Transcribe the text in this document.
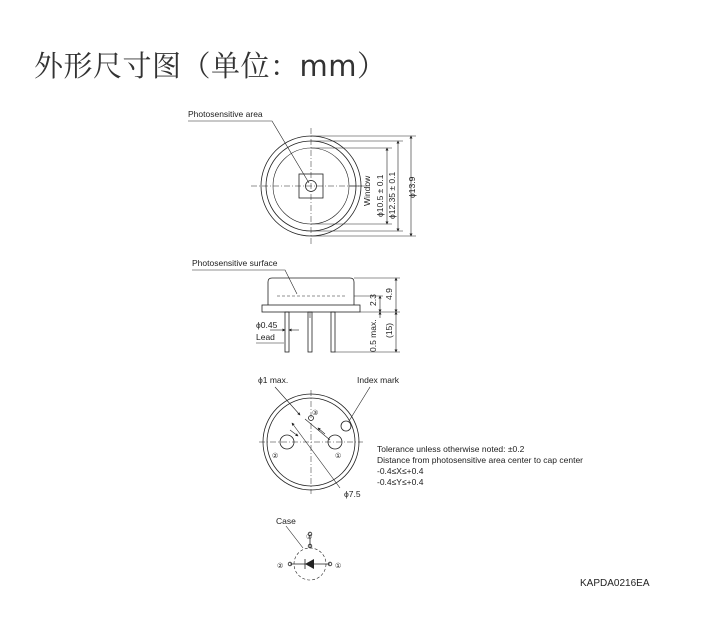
外形尺寸图（单位：mm）
Photosensitive area
Window ϕ10.5 ± 0.1 ϕ12.35 ± 0.1 ϕ13.9
Photosensitive surface
ϕ0.45
Lead
2.3
4.9
0.5 max. (15)
ϕ1 max.	Index mark
ϕ7.5
③
②	①
Tolerance unless otherwise noted: ±0.2
Distance from photosensitive area center to cap center
-0.4≤X≤+0.4
-0.4≤Y≤+0.4
Case
③
②	①
KAPDA0216EA
